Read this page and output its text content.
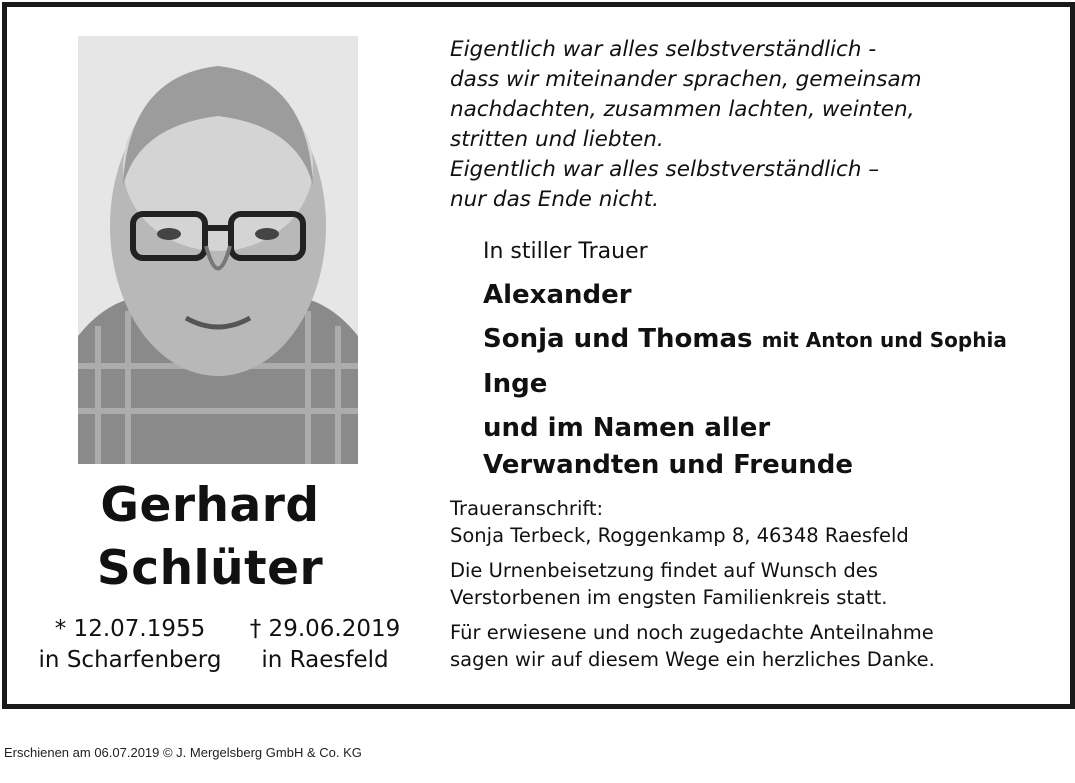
Gerhard
Schlüter
* 12.07.1955
in Scharfenberg
† 29.06.2019
in Raesfeld
Eigentlich war alles selbstverständlich -
dass wir miteinander sprachen, gemeinsam
nachdachten, zusammen lachten, weinten,
stritten und liebten.
Eigentlich war alles selbstverständlich –
nur das Ende nicht.
In stiller Trauer
Alexander
Sonja und Thomas mit Anton und Sophia
Inge
und im Namen aller
Verwandten und Freunde
Traueranschrift:
Sonja Terbeck, Roggenkamp 8, 46348 Raesfeld
Die Urnenbeisetzung findet auf Wunsch des
Verstorbenen im engsten Familienkreis statt.
Für erwiesene und noch zugedachte Anteilnahme
sagen wir auf diesem Wege ein herzliches Danke.
Erschienen am 06.07.2019 © J. Mergelsberg GmbH & Co. KG
